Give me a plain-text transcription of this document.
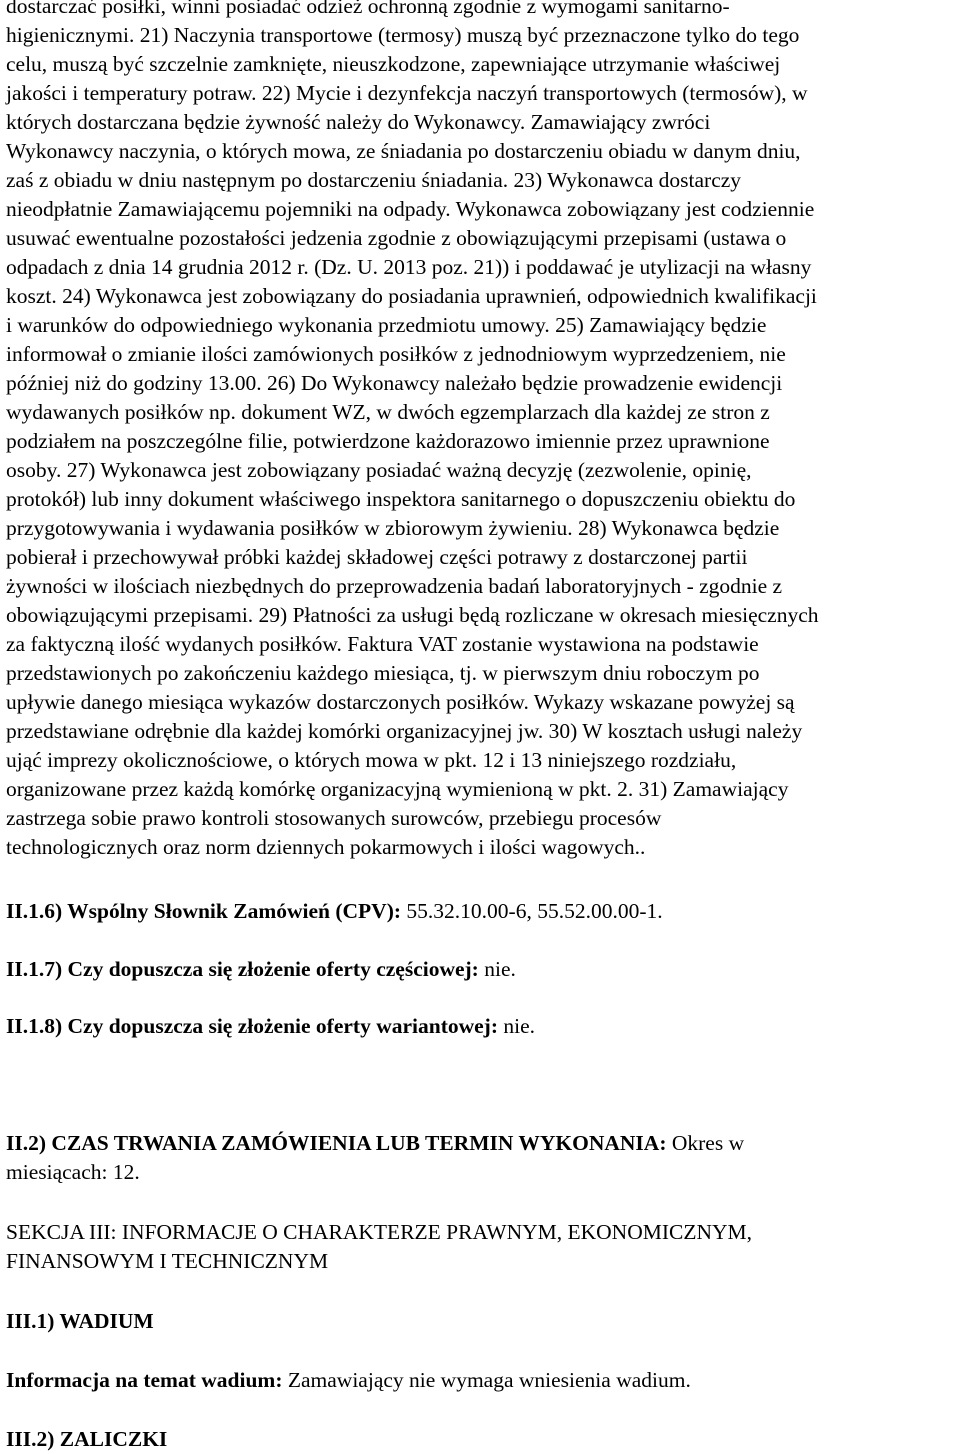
dostarczać posiłki, winni posiadać odzież ochronną zgodnie z wymogami sanitarno-
higienicznymi. 21) Naczynia transportowe (termosy) muszą być przeznaczone tylko do tego
celu, muszą być szczelnie zamknięte, nieuszkodzone, zapewniające utrzymanie właściwej
jakości i temperatury potraw. 22) Mycie i dezynfekcja naczyń transportowych (termosów), w
których dostarczana będzie żywność należy do Wykonawcy. Zamawiający zwróci
Wykonawcy naczynia, o których mowa, ze śniadania po dostarczeniu obiadu w danym dniu,
zaś z obiadu w dniu następnym po dostarczeniu śniadania. 23) Wykonawca dostarczy
nieodpłatnie Zamawiającemu pojemniki na odpady. Wykonawca zobowiązany jest codziennie
usuwać ewentualne pozostałości jedzenia zgodnie z obowiązującymi przepisami (ustawa o
odpadach z dnia 14 grudnia 2012 r. (Dz. U. 2013 poz. 21)) i poddawać je utylizacji na własny
koszt. 24) Wykonawca jest zobowiązany do posiadania uprawnień, odpowiednich kwalifikacji
i warunków do odpowiedniego wykonania przedmiotu umowy. 25) Zamawiający będzie
informował o zmianie ilości zamówionych posiłków z jednodniowym wyprzedzeniem, nie
później niż do godziny 13.00. 26) Do Wykonawcy należało będzie prowadzenie ewidencji
wydawanych posiłków np. dokument WZ, w dwóch egzemplarzach dla każdej ze stron z
podziałem na poszczególne filie, potwierdzone każdorazowo imiennie przez uprawnione
osoby. 27) Wykonawca jest zobowiązany posiadać ważną decyzję (zezwolenie, opinię,
protokół) lub inny dokument właściwego inspektora sanitarnego o dopuszczeniu obiektu do
przygotowywania i wydawania posiłków w zbiorowym żywieniu. 28) Wykonawca będzie
pobierał i przechowywał próbki każdej składowej części potrawy z dostarczonej partii
żywności w ilościach niezbędnych do przeprowadzenia badań laboratoryjnych - zgodnie z
obowiązującymi przepisami. 29) Płatności za usługi będą rozliczane w okresach miesięcznych
za faktyczną ilość wydanych posiłków. Faktura VAT zostanie wystawiona na podstawie
przedstawionych po zakończeniu każdego miesiąca, tj. w pierwszym dniu roboczym po
upływie danego miesiąca wykazów dostarczonych posiłków. Wykazy wskazane powyżej są
przedstawiane odrębnie dla każdej komórki organizacyjnej jw. 30) W kosztach usługi należy
ująć imprezy okolicznościowe, o których mowa w pkt. 12 i 13 niniejszego rozdziału,
organizowane przez każdą komórkę organizacyjną wymienioną w pkt. 2. 31) Zamawiający
zastrzega sobie prawo kontroli stosowanych surowców, przebiegu procesów
technologicznych oraz norm dziennych pokarmowych i ilości wagowych..
II.1.6) Wspólny Słownik Zamówień (CPV): 55.32.10.00-6, 55.52.00.00-1.
II.1.7) Czy dopuszcza się złożenie oferty częściowej: nie.
II.1.8) Czy dopuszcza się złożenie oferty wariantowej: nie.
II.2) CZAS TRWANIA ZAMÓWIENIA LUB TERMIN WYKONANIA: Okres w
miesiącach: 12.
SEKCJA III: INFORMACJE O CHARAKTERZE PRAWNYM, EKONOMICZNYM,
FINANSOWYM I TECHNICZNYM
III.1) WADIUM
Informacja na temat wadium: Zamawiający nie wymaga wniesienia wadium.
III.2) ZALICZKI
